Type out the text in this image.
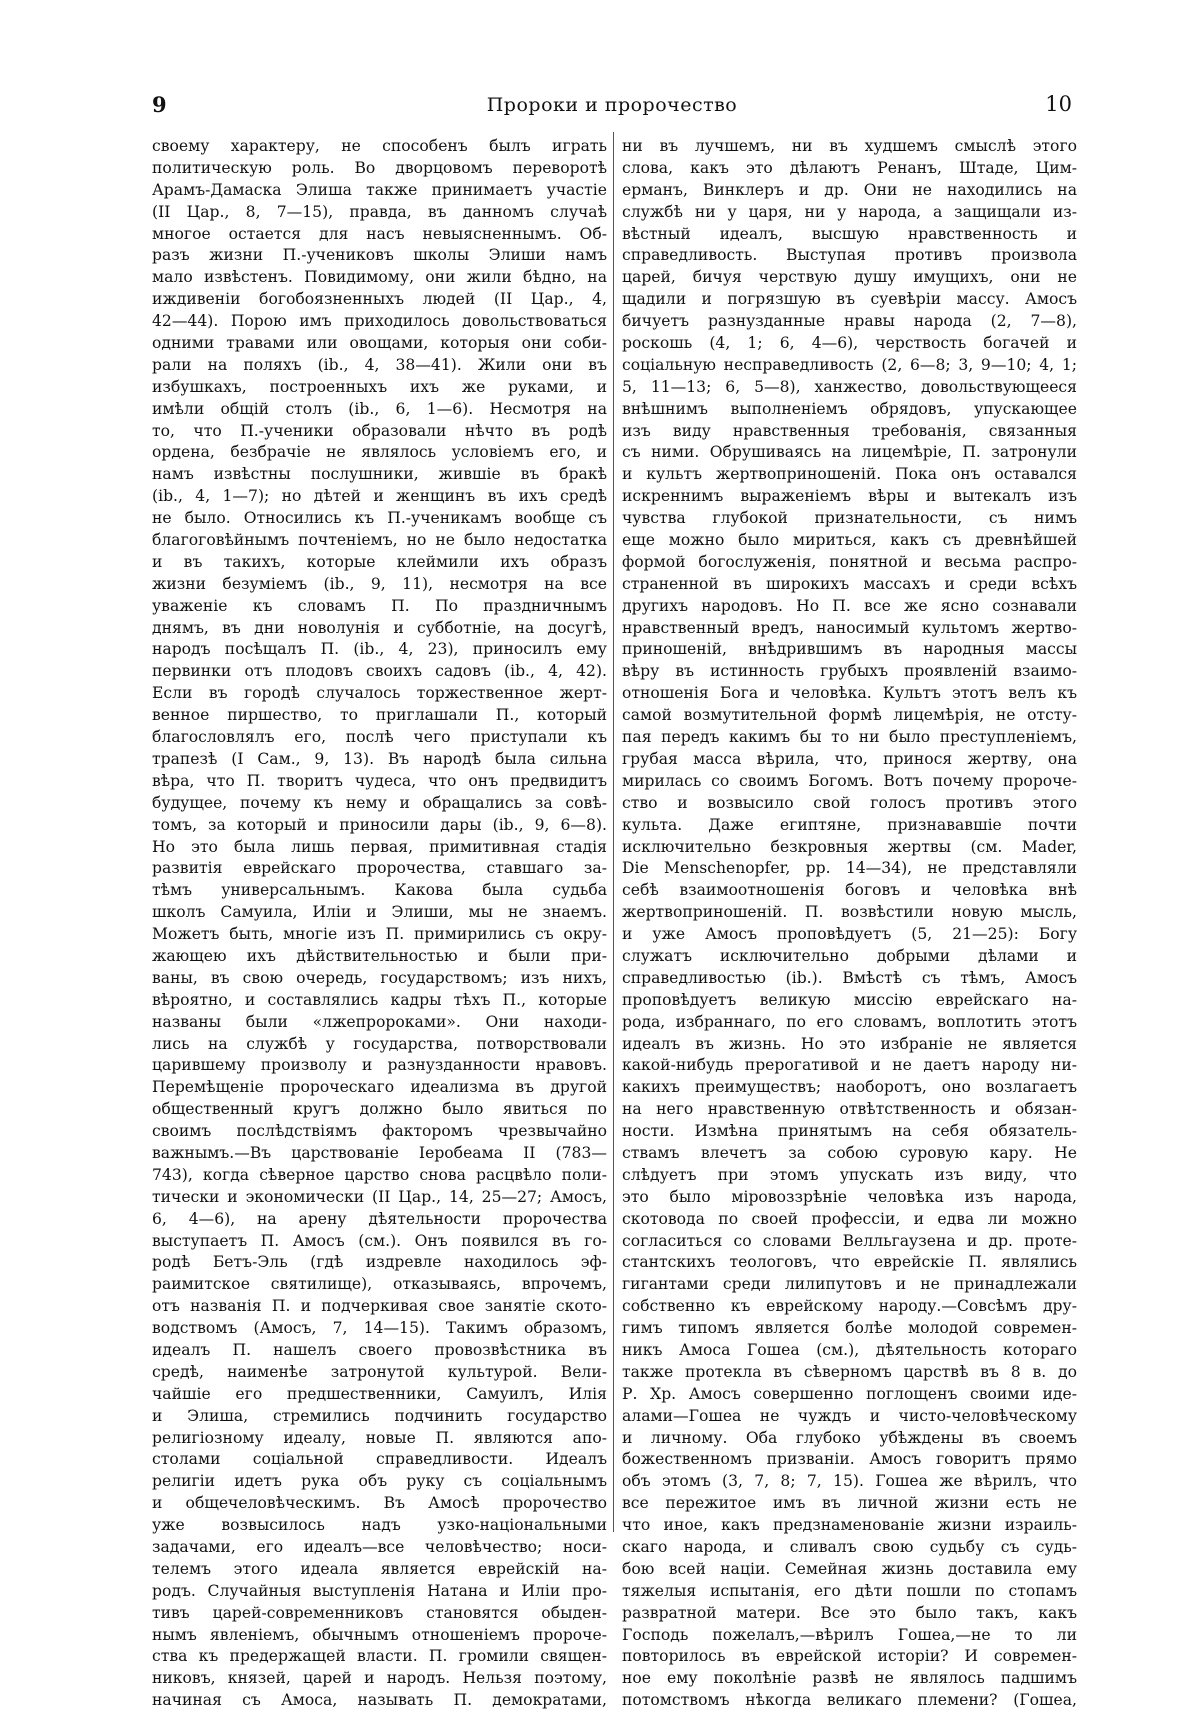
9	Пророки и пророчество	10
своему характеру, не способенъ былъ играть
политическую роль. Во дворцовомъ переворотѣ
Арамъ-Дамаска Элиша также принимаетъ участіе
(II Цар., 8, 7—15), правда, въ данномъ случаѣ
многое остается для насъ невыясненнымъ. Об-
разъ жизни П.-учениковъ школы Элиши намъ
мало извѣстенъ. Повидимому, они жили бѣдно, на
иждивеніи богобоязненныхъ людей (II Цар., 4,
42—44). Порою имъ приходилось довольствоваться
одними травами или овощами, которыя они соби-
рали на поляхъ (ib., 4, 38—41). Жили они въ
избушкахъ, построенныхъ ихъ же руками, и
имѣли общій столъ (ib., 6, 1—6). Несмотря на
то, что П.-ученики образовали нѣчто въ родѣ
ордена, безбрачіе не являлось условіемъ его, и
намъ извѣстны послушники, жившіе въ бракѣ
(ib., 4, 1—7); но дѣтей и женщинъ въ ихъ средѣ
не было. Относились къ П.-ученикамъ вообще съ
благоговѣйнымъ почтеніемъ, но не было недостатка
и въ такихъ, которые клеймили ихъ образъ
жизни безуміемъ (ib., 9, 11), несмотря на все
уваженіе къ словамъ П. По праздничнымъ
днямъ, въ дни новолунія и субботніе, на досугѣ,
народъ посѣщалъ П. (ib., 4, 23), приносилъ ему
первинки отъ плодовъ своихъ садовъ (ib., 4, 42).
Если въ городѣ случалось торжественное жерт-
венное пиршество, то приглашали П., который
благословлялъ его, послѣ чего приступали къ
трапезѣ (I Сам., 9, 13). Въ народѣ была сильна
вѣра, что П. творитъ чудеса, что онъ предвидитъ
будущее, почему къ нему и обращались за совѣ-
томъ, за который и приносили дары (ib., 9, 6—8).
Но это была лишь первая, примитивная стадія
развитія еврейскаго пророчества, ставшаго за-
тѣмъ универсальнымъ. Какова была судьба
школъ Самуила, Иліи и Элиши, мы не знаемъ.
Можетъ быть, многіе изъ П. примирились съ окру-
жающею ихъ дѣйствительностью и были при-
ваны, въ свою очередь, государствомъ; изъ нихъ,
вѣроятно, и составлялись кадры тѣхъ П., которые
названы были «лжепророками». Они находи-
лись на службѣ у государства, потворствовали
царившему произволу и разнузданности нравовъ.
Перемѣщеніе пророческаго идеализма въ другой
общественный кругъ должно было явиться по
своимъ послѣдствіямъ факторомъ чрезвычайно
важнымъ.—Въ царствованіе Іеробеама II (783—
743), когда сѣверное царство снова расцвѣло поли-
тически и экономически (II Цар., 14, 25—27; Амосъ,
6, 4—6), на арену дѣятельности пророчества
выступаетъ П. Амосъ (см.). Онъ появился въ го-
родѣ Бетъ-Эль (гдѣ издревле находилось эф-
раимитское святилище), отказываясь, впрочемъ,
отъ названія П. и подчеркивая свое занятіе ското-
водствомъ (Амосъ, 7, 14—15). Такимъ образомъ,
идеалъ П. нашелъ своего провозвѣстника въ
средѣ, наименѣе затронутой культурой. Вели-
чайшіе его предшественники, Самуилъ, Илія
и Элиша, стремились подчинить государство
религіозному идеалу, новые П. являются апо-
столами соціальной справедливости. Идеалъ
религіи идетъ рука объ руку съ соціальнымъ
и общечеловѣческимъ. Въ Амосѣ пророчество
уже возвысилось надъ узко-національными
задачами, его идеалъ—все человѣчество; носи-
телемъ этого идеала является еврейскій на-
родъ. Случайныя выступленія Натана и Иліи про-
тивъ царей-современниковъ становятся обыден-
нымъ явленіемъ, обычнымъ отношеніемъ пророче-
ства къ предержащей власти. П. громили священ-
никовъ, князей, царей и народъ. Нельзя поэтому,
начиная съ Амоса, называть П. демократами,
ни въ лучшемъ, ни въ худшемъ смыслѣ этого
слова, какъ это дѣлаютъ Ренанъ, Штаде, Цим-
ерманъ, Винклеръ и др. Они не находились на
службѣ ни у царя, ни у народа, а защищали из-
вѣстный идеалъ, высшую нравственность и
справедливость. Выступая противъ произвола
царей, бичуя черствую душу имущихъ, они не
щадили и погрязшую въ суевѣріи массу. Амосъ
бичуетъ разнузданные нравы народа (2, 7—8),
роскошь (4, 1; 6, 4—6), черствость богачей и
соціальную несправедливость (2, 6—8; 3, 9—10; 4, 1;
5, 11—13; 6, 5—8), ханжество, довольствующееся
внѣшнимъ выполненіемъ обрядовъ, упускающее
изъ виду нравственныя требованія, связанныя
съ ними. Обрушиваясь на лицемѣріе, П. затронули
и культъ жертвоприношеній. Пока онъ оставался
искреннимъ выраженіемъ вѣры и вытекалъ изъ
чувства глубокой признательности, съ нимъ
еще можно было мириться, какъ съ древнѣйшей
формой богослуженія, понятной и весьма распро-
страненной въ широкихъ массахъ и среди всѣхъ
другихъ народовъ. Но П. все же ясно сознавали
нравственный вредъ, наносимый культомъ жертво-
приношеній, внѣдрившимъ въ народныя массы
вѣру въ истинность грубыхъ проявленій взаимо-
отношенія Бога и человѣка. Культъ этотъ велъ къ
самой возмутительной формѣ лицемѣрія, не отсту-
пая передъ какимъ бы то ни было преступленіемъ,
грубая масса вѣрила, что, принося жертву, она
мирилась со своимъ Богомъ. Вотъ почему пророче-
ство и возвысило свой голосъ противъ этого
культа. Даже египтяне, признававшіе почти
исключительно безкровныя жертвы (см. Mader,
Die Menschenopfer, pp. 14—34), не представляли
себѣ взаимоотношенія боговъ и человѣка внѣ
жертвоприношеній. П. возвѣстили новую мысль,
и уже Амосъ проповѣдуетъ (5, 21—25): Богу
служатъ исключительно добрыми дѣлами и
справедливостью (ib.). Вмѣстѣ съ тѣмъ, Амосъ
проповѣдуетъ великую миссію еврейскаго на-
рода, избраннаго, по его словамъ, воплотить этотъ
идеалъ въ жизнь. Но это избраніе не является
какой-нибудь прерогативой и не даетъ народу ни-
какихъ преимуществъ; наоборотъ, оно возлагаетъ
на него нравственную отвѣтственность и обязан-
ности. Измѣна принятымъ на себя обязатель-
ствамъ влечетъ за собою суровую кару. Не
слѣдуетъ при этомъ упускать изъ виду, что
это было міровоззрѣніе человѣка изъ народа,
скотовода по своей профессіи, и едва ли можно
согласиться со словами Велльгаузена и др. проте-
стантскихъ теологовъ, что еврейскіе П. являлись
гигантами среди лилипутовъ и не принадлежали
собственно къ еврейскому народу.—Совсѣмъ дру-
гимъ типомъ является болѣе молодой современ-
никъ Амоса Гошеа (см.), дѣятельность котораго
также протекла въ сѣверномъ царствѣ въ 8 в. до
Р. Хр. Амосъ совершенно поглощенъ своими иде-
алами—Гошеа не чуждъ и чисто-человѣческому
и личному. Оба глубоко убѣждены въ своемъ
божественномъ призваніи. Амосъ говоритъ прямо
объ этомъ (3, 7, 8; 7, 15). Гошеа же вѣрилъ, что
все пережитое имъ въ личной жизни есть не
что иное, какъ предзнаменованіе жизни израиль-
скаго народа, и сливалъ свою судьбу съ судь-
бою всей націи. Семейная жизнь доставила ему
тяжелыя испытанія, его дѣти пошли по стопамъ
развратной матери. Все это было такъ, какъ
Господь пожелалъ,—вѣрилъ Гошеа,—не то ли
повторилось въ еврейской исторіи? И современ-
ное ему поколѣніе развѣ не являлось падшимъ
потомствомъ нѣкогда великаго племени? (Гошеа,
